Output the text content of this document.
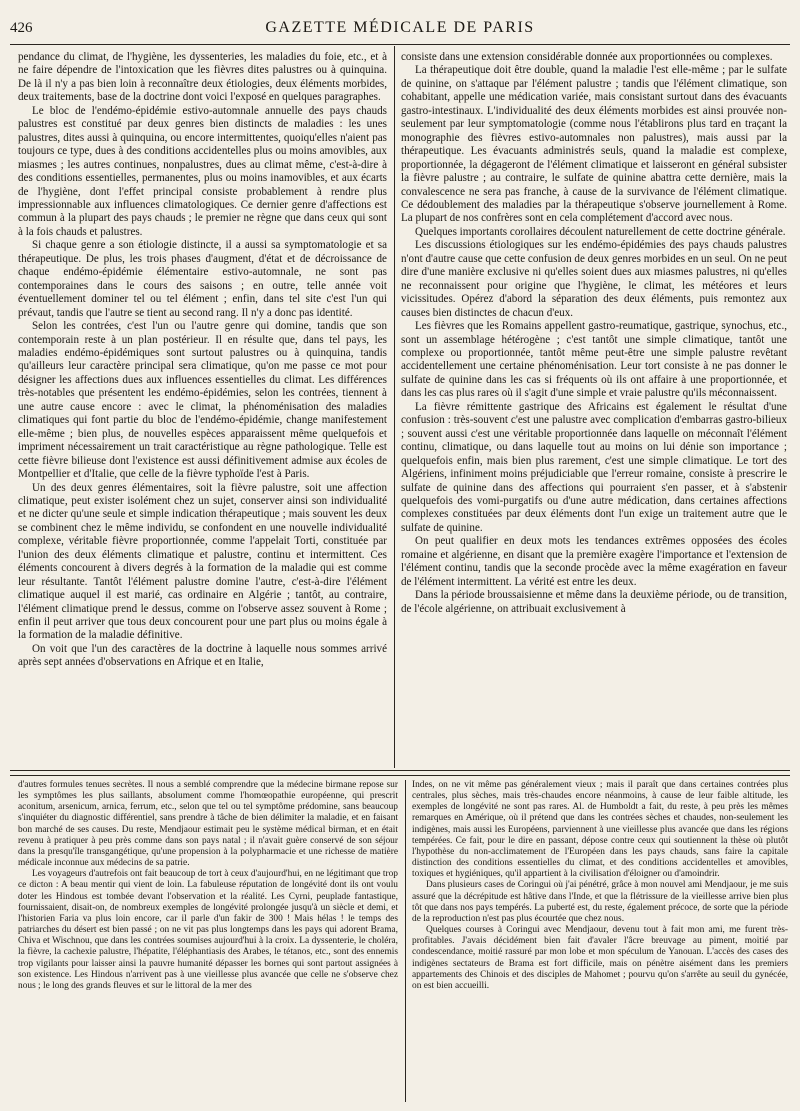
426	GAZETTE MÉDICALE DE PARIS

pendance du climat, de l'hygiène, les dyssenteries, les maladies du foie, etc., et à ne faire dépendre de l'intoxication que les fièvres dites palustres ou à quinquina. De là il n'y a pas bien loin à reconnaître deux étiologies, deux éléments morbides, deux traitements, base de la doctrine dont voici l'exposé en quelques paragraphes.

Le bloc de l'endémo-épidémie estivo-automnale annuelle des pays chauds palustres est constitué par deux genres bien distincts de maladies : les unes palustres, dites aussi à quinquina, ou encore intermittentes, quoiqu'elles n'aient pas toujours ce type, dues à des conditions accidentelles plus ou moins amovibles, aux miasmes ; les autres continues, nonpalustres, dues au climat même, c'est-à-dire à des conditions essentielles, permanentes, plus ou moins inamovibles, et aux écarts de l'hygiène, dont l'effet principal consiste probablement à rendre plus impressionnable aux influences climatologiques. Ce dernier genre d'affections est commun à la plupart des pays chauds ; le premier ne règne que dans ceux qui sont à la fois chauds et palustres.

Si chaque genre a son étiologie distincte, il a aussi sa symptomatologie et sa thérapeutique. De plus, les trois phases d'augment, d'état et de décroissance de chaque endémo-épidémie élémentaire estivo-automnale, ne sont pas contemporaines dans le cours des saisons ; en outre, telle année voit éventuellement dominer tel ou tel élément ; enfin, dans tel site c'est l'un qui prévaut, tandis que l'autre se tient au second rang. Il n'y a donc pas identité.

Selon les contrées, c'est l'un ou l'autre genre qui domine, tandis que son contemporain reste à un plan postérieur. Il en résulte que, dans tel pays, les maladies endémo-épidémiques sont surtout palustres ou à quinquina, tandis qu'ailleurs leur caractère principal sera climatique, qu'on me passe ce mot pour désigner les affections dues aux influences essentielles du climat. Les différences très-notables que présentent les endémo-épidémies, selon les contrées, tiennent à une autre cause encore : avec le climat, la phénoménisation des maladies climatiques qui font partie du bloc de l'endémo-épidémie, change manifestement elle-même ; bien plus, de nouvelles espèces apparaissent même quelquefois et impriment nécessairement un trait caractéristique au règne pathologique. Telle est cette fièvre bilieuse dont l'existence est aussi définitivement admise aux écoles de Montpellier et d'Italie, que celle de la fièvre typhoïde l'est à Paris.

Un des deux genres élémentaires, soit la fièvre palustre, soit une affection climatique, peut exister isolément chez un sujet, conserver ainsi son individualité et ne dicter qu'une seule et simple indication thérapeutique ; mais souvent les deux se combinent chez le même individu, se confondent en une nouvelle individualité complexe, véritable fièvre proportionnée, comme l'appelait Torti, constituée par l'union des deux éléments climatique et palustre, continu et intermittent. Ces éléments concourent à divers degrés à la formation de la maladie qui est comme leur résultante. Tantôt l'élément palustre domine l'autre, c'est-à-dire l'élément climatique auquel il est marié, cas ordinaire en Algérie ; tantôt, au contraire, l'élément climatique prend le dessus, comme on l'observe assez souvent à Rome ; enfin il peut arriver que tous deux concourent pour une part plus ou moins égale à la formation de la maladie définitive.

On voit que l'un des caractères de la doctrine à laquelle nous sommes arrivé après sept années d'observations en Afrique et en Italie,

consiste dans une extension considérable donnée aux proportionnées ou complexes.

La thérapeutique doit être double, quand la maladie l'est elle-même ; par le sulfate de quinine, on s'attaque par l'élément palustre ; tandis que l'élément climatique, son cohabitant, appelle une médication variée, mais consistant surtout dans des évacuants gastro-intestinaux. L'individualité des deux éléments morbides est ainsi prouvée non-seulement par leur symptomatologie (comme nous l'établirons plus tard en traçant la monographie des fièvres estivo-automnales non palustres), mais aussi par la thérapeutique. Les évacuants administrés seuls, quand la maladie est complexe, proportionnée, la dégageront de l'élément climatique et laisseront en général subsister la fièvre palustre ; au contraire, le sulfate de quinine abattra cette dernière, mais la convalescence ne sera pas franche, à cause de la survivance de l'élément climatique. Ce dédoublement des maladies par la thérapeutique s'observe journellement à Rome. La plupart de nos confrères sont en cela complétement d'accord avec nous.

Quelques importants corollaires découlent naturellement de cette doctrine générale.

Les discussions étiologiques sur les endémo-épidémies des pays chauds palustres n'ont d'autre cause que cette confusion de deux genres morbides en un seul. On ne peut dire d'une manière exclusive ni qu'elles soient dues aux miasmes palustres, ni qu'elles ne reconnaissent pour origine que l'hygiène, le climat, les météores et leurs vicissitudes. Opérez d'abord la séparation des deux éléments, puis remontez aux causes bien distinctes de chacun d'eux.

Les fièvres que les Romains appellent gastro-reumatique, gastrique, synochus, etc., sont un assemblage hétérogène ; c'est tantôt une simple climatique, tantôt une complexe ou proportionnée, tantôt même peut-être une simple palustre revêtant accidentellement une certaine phénoménisation. Leur tort consiste à ne pas donner le sulfate de quinine dans les cas si fréquents où ils ont affaire à une proportionnée, et dans les cas plus rares où il s'agit d'une simple et vraie palustre qu'ils méconnaissent.

La fièvre rémittente gastrique des Africains est également le résultat d'une confusion : très-souvent c'est une palustre avec complication d'embarras gastro-bilieux ; souvent aussi c'est une véritable proportionnée dans laquelle on méconnaît l'élément continu, climatique, ou dans laquelle tout au moins on lui dénie son importance ; quelquefois enfin, mais bien plus rarement, c'est une simple climatique. Le tort des Algériens, infiniment moins préjudiciable que l'erreur romaine, consiste à prescrire le sulfate de quinine dans des affections qui pourraient s'en passer, et à s'abstenir quelquefois des vomi-purgatifs ou d'une autre médication, dans certaines affections complexes constituées par deux éléments dont l'un exige un traitement autre que le sulfate de quinine.

On peut qualifier en deux mots les tendances extrêmes opposées des écoles romaine et algérienne, en disant que la première exagère l'importance et l'extension de l'élément continu, tandis que la seconde procède avec la même exagération en faveur de l'élément intermittent. La vérité est entre les deux.

Dans la période broussaisienne et même dans la deuxième période, ou de transition, de l'école algérienne, on attribuait exclusivement à

d'autres formules tenues secrètes. Il nous a semblé comprendre que la médecine birmane repose sur les symptômes les plus saillants, absolument comme l'homœopathie européenne, qui prescrit aconitum, arsenicum, arnica, ferrum, etc., selon que tel ou tel symptôme prédomine, sans beaucoup s'inquiéter du diagnostic différentiel, sans prendre à tâche de bien délimiter la maladie, et en faisant bon marché de ses causes. Du reste, Mendjaour estimait peu le système médical birman, et en était revenu à pratiquer à peu près comme dans son pays natal ; il n'avait guère conservé de son séjour dans la presqu'île transgangétique, qu'une propension à la polypharmacie et une richesse de matière médicale inconnue aux médecins de sa patrie.

Les voyageurs d'autrefois ont fait beaucoup de tort à ceux d'aujourd'hui, en ne légitimant que trop ce dicton : A beau mentir qui vient de loin. La fabuleuse réputation de longévité dont ils ont voulu doter les Hindous est tombée devant l'observation et la réalité. Les Cyrni, peuplade fantastique, fournissaient, disait-on, de nombreux exemples de longévité prolongée jusqu'à un siècle et demi, et l'historien Faria va plus loin encore, car il parle d'un fakir de 300 ! Mais hélas ! le temps des patriarches du désert est bien passé ; on ne vit pas plus longtemps dans les pays qui adorent Brama, Chiva et Wischnou, que dans les contrées soumises aujourd'hui à la croix. La dyssenterie, le choléra, la fièvre, la cachexie palustre, l'hépatite, l'éléphantiasis des Arabes, le tétanos, etc., sont des ennemis trop vigilants pour laisser ainsi la pauvre humanité dépasser les bornes qui sont partout assignées à son existence. Les Hindous n'arrivent pas à une vieillesse plus avancée que celle ne s'observe chez nous ; le long des grands fleuves et sur le littoral de la mer des

Indes, on ne vit même pas généralement vieux ; mais il paraît que dans certaines contrées plus centrales, plus sèches, mais très-chaudes encore néanmoins, à cause de leur faible altitude, les exemples de longévité ne sont pas rares. Al. de Humboldt a fait, du reste, à peu près les mêmes remarques en Amérique, où il prétend que dans les contrées sèches et chaudes, non-seulement les indigènes, mais aussi les Européens, parviennent à une vieillesse plus avancée que dans les régions tempérées. Ce fait, pour le dire en passant, dépose contre ceux qui soutiennent la thèse où plutôt l'hypothèse du non-acclimatement de l'Européen dans les pays chauds, sans faire la capitale distinction des conditions essentielles du climat, et des conditions accidentelles et amovibles, toxiques et hygiéniques, qu'il appartient à la civilisation d'éloigner ou d'amoindrir.

Dans plusieurs cases de Coringui où j'ai pénétré, grâce à mon nouvel ami Mendjaour, je me suis assuré que la décrépitude est hâtive dans l'Inde, et que la flétrissure de la vieillesse arrive bien plus tôt que dans nos pays tempérés. La puberté est, du reste, également précoce, de sorte que la période de la reproduction n'est pas plus écourtée que chez nous.

Quelques courses à Coringui avec Mendjaour, devenu tout à fait mon ami, me furent très-profitables. J'avais décidément bien fait d'avaler l'âcre breuvage au piment, moitié par condescendance, moitié rassuré par mon lobe et mon spéculum de Yanouan. L'accès des cases des indigènes sectateurs de Brama est fort difficile, mais on pénètre aisément dans les premiers appartements des Chinois et des disciples de Mahomet ; pourvu qu'on s'arrête au seuil du gynécée, on est bien accueilli.
